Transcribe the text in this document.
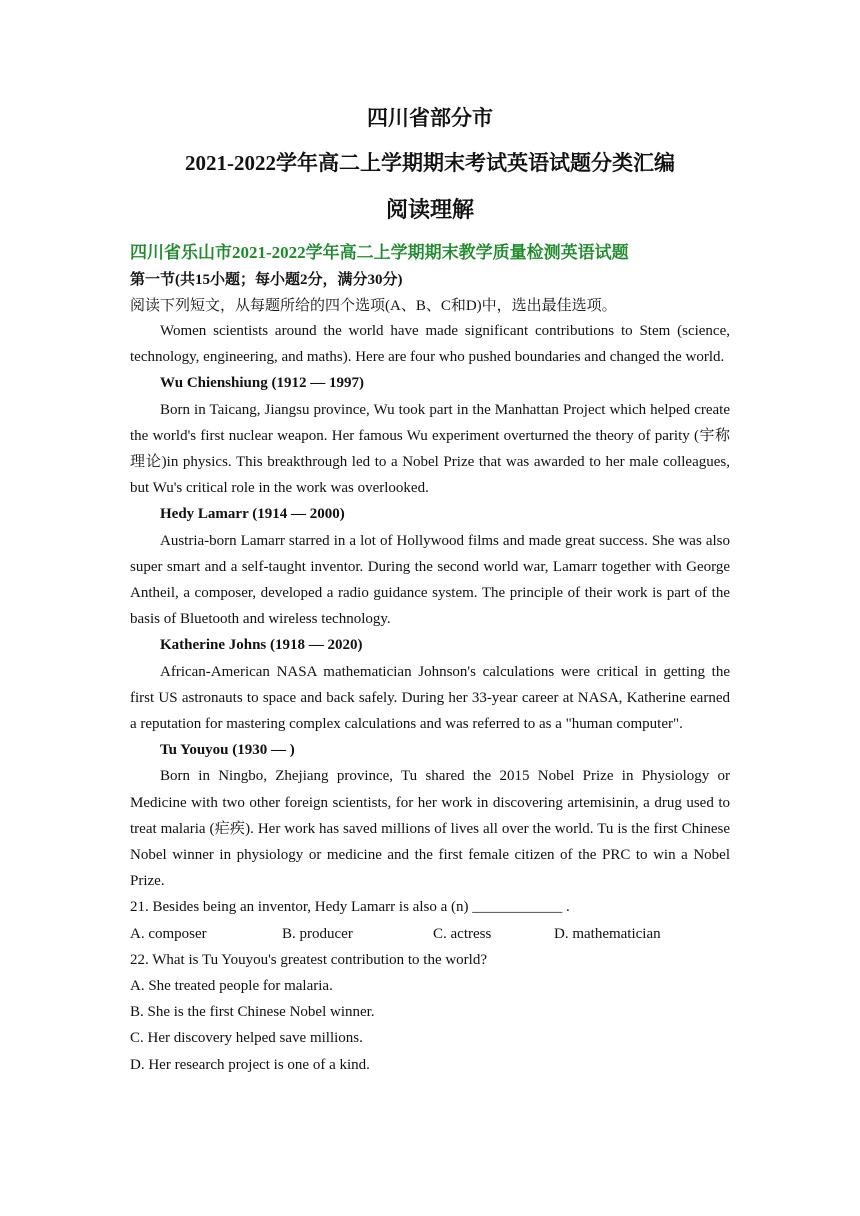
四川省部分市

2021-2022学年高二上学期期末考试英语试题分类汇编

阅读理解

四川省乐山市2021-2022学年高二上学期期末教学质量检测英语试题
第一节(共15小题；每小题2分，满分30分)
阅读下列短文，从每题所给的四个选项(A、B、C和D)中，选出最佳选项。

Women scientists around the world have made significant contributions to Stem (science, technology, engineering, and maths). Here are four who pushed boundaries and changed the world.

Wu Chienshiung (1912 — 1997)

Born in Taicang, Jiangsu province, Wu took part in the Manhattan Project which helped create the world's first nuclear weapon. Her famous Wu experiment overturned the theory of parity (宇称理论)in physics. This breakthrough led to a Nobel Prize that was awarded to her male colleagues, but Wu's critical role in the work was overlooked.

Hedy Lamarr (1914 — 2000)

Austria-born Lamarr starred in a lot of Hollywood films and made great success. She was also super smart and a self-taught inventor. During the second world war, Lamarr together with George Antheil, a composer, developed a radio guidance system. The principle of their work is part of the basis of Bluetooth and wireless technology.

Katherine Johns (1918 — 2020)

African-American NASA mathematician Johnson's calculations were critical in getting the first US astronauts to space and back safely. During her 33-year career at NASA, Katherine earned a reputation for mastering complex calculations and was referred to as a "human computer".

Tu Youyou (1930 — )

Born in Ningbo, Zhejiang province, Tu shared the 2015 Nobel Prize in Physiology or Medicine with two other foreign scientists, for her work in discovering artemisinin, a drug used to treat malaria (疟疾). Her work has saved millions of lives all over the world. Tu is the first Chinese Nobel winner in physiology or medicine and the first female citizen of the PRC to win a Nobel Prize.

21. Besides being an inventor, Hedy Lamarr is also a (n) ____________ .

A. composer	B. producer	C. actress	D. mathematician

22. What is Tu Youyou's greatest contribution to the world?

A. She treated people for malaria.

B. She is the first Chinese Nobel winner.

C. Her discovery helped save millions.

D. Her research project is one of a kind.
